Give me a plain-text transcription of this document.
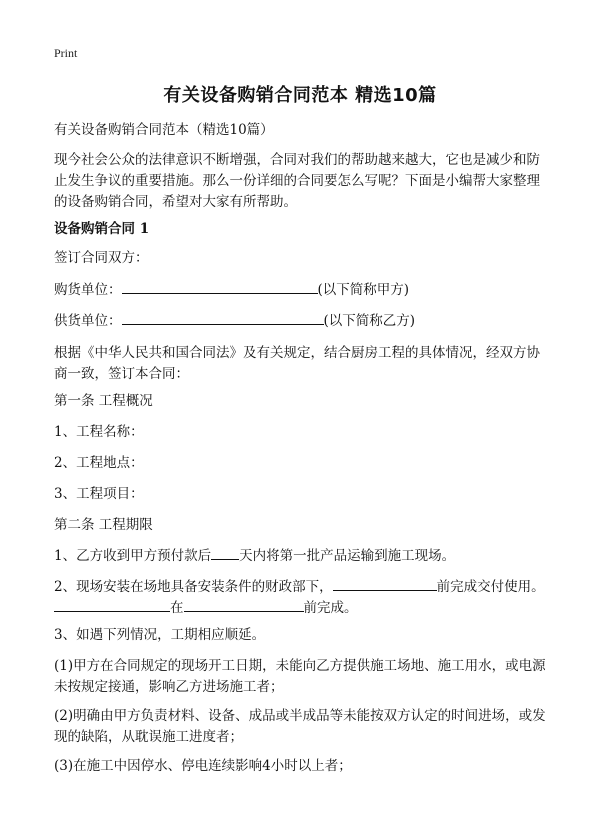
Print
有关设备购销合同范本 精选10篇

有关设备购销合同范本（精选10篇）

现今社会公众的法律意识不断增强，合同对我们的帮助越来越大，它也是减少和防止发生争议的重要措施。那么一份详细的合同要怎么写呢？下面是小编帮大家整理的设备购销合同，希望对大家有所帮助。

设备购销合同 1

签订合同双方：

购货单位：	(以下简称甲方)

供货单位：	(以下简称乙方)

根据《中华人民共和国合同法》及有关规定，结合厨房工程的具体情况，经双方协商一致，签订本合同：

第一条 工程概况

1、工程名称：

2、工程地点：

3、工程项目：

第二条 工程期限

1、乙方收到甲方预付款后 天内将第一批产品运输到施工现场。

2、现场安装在场地具备安装条件的财政部下，	前完成交付使用。
在	前完成。

3、如遇下列情况，工期相应顺延。

(1)甲方在合同规定的现场开工日期，未能向乙方提供施工场地、施工用水，或电源未按规定接通，影响乙方进场施工者；

(2)明确由甲方负责材料、设备、成品或半成品等未能按双方认定的时间进场，或发现的缺陷，从耽误施工进度者；

(3)在施工中因停水、停电连续影响4小时以上者；
